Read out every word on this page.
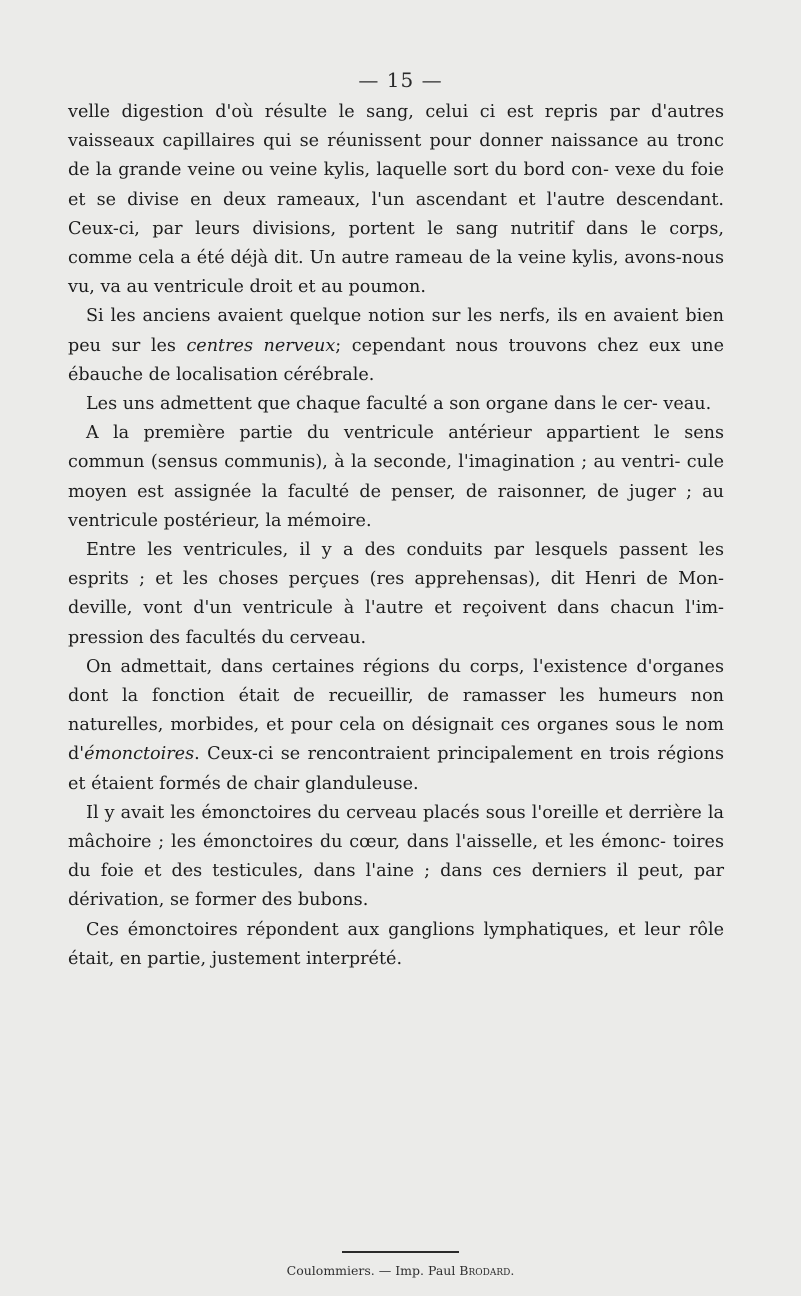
— 15 —

velle digestion d'où résulte le sang, celui ci est repris par d'autres vaisseaux capillaires qui se réunissent pour donner naissance au tronc de la grande veine ou veine kylis, laquelle sort du bord con- vexe du foie et se divise en deux rameaux, l'un ascendant et l'autre descendant. Ceux-ci, par leurs divisions, portent le sang nutritif dans le corps, comme cela a été déjà dit. Un autre rameau de la veine kylis, avons-nous vu, va au ventricule droit et au poumon.

Si les anciens avaient quelque notion sur les nerfs, ils en avaient bien peu sur les centres nerveux; cependant nous trouvons chez eux une ébauche de localisation cérébrale.

Les uns admettent que chaque faculté a son organe dans le cer- veau.

A la première partie du ventricule antérieur appartient le sens commun (sensus communis), à la seconde, l'imagination ; au ventri- cule moyen est assignée la faculté de penser, de raisonner, de juger ; au ventricule postérieur, la mémoire.

Entre les ventricules, il y a des conduits par lesquels passent les esprits ; et les choses perçues (res apprehensas), dit Henri de Mon- deville, vont d'un ventricule à l'autre et reçoivent dans chacun l'im- pression des facultés du cerveau.

On admettait, dans certaines régions du corps, l'existence d'organes dont la fonction était de recueillir, de ramasser les humeurs non naturelles, morbides, et pour cela on désignait ces organes sous le nom d'émonctoires. Ceux-ci se rencontraient principalement en trois régions et étaient formés de chair glanduleuse.

Il y avait les émonctoires du cerveau placés sous l'oreille et derrière la mâchoire ; les émonctoires du cœur, dans l'aisselle, et les émonc- toires du foie et des testicules, dans l'aine ; dans ces derniers il peut, par dérivation, se former des bubons.

Ces émonctoires répondent aux ganglions lymphatiques, et leur rôle était, en partie, justement interprété.

Coulommiers. — Imp. Paul Brodard.
